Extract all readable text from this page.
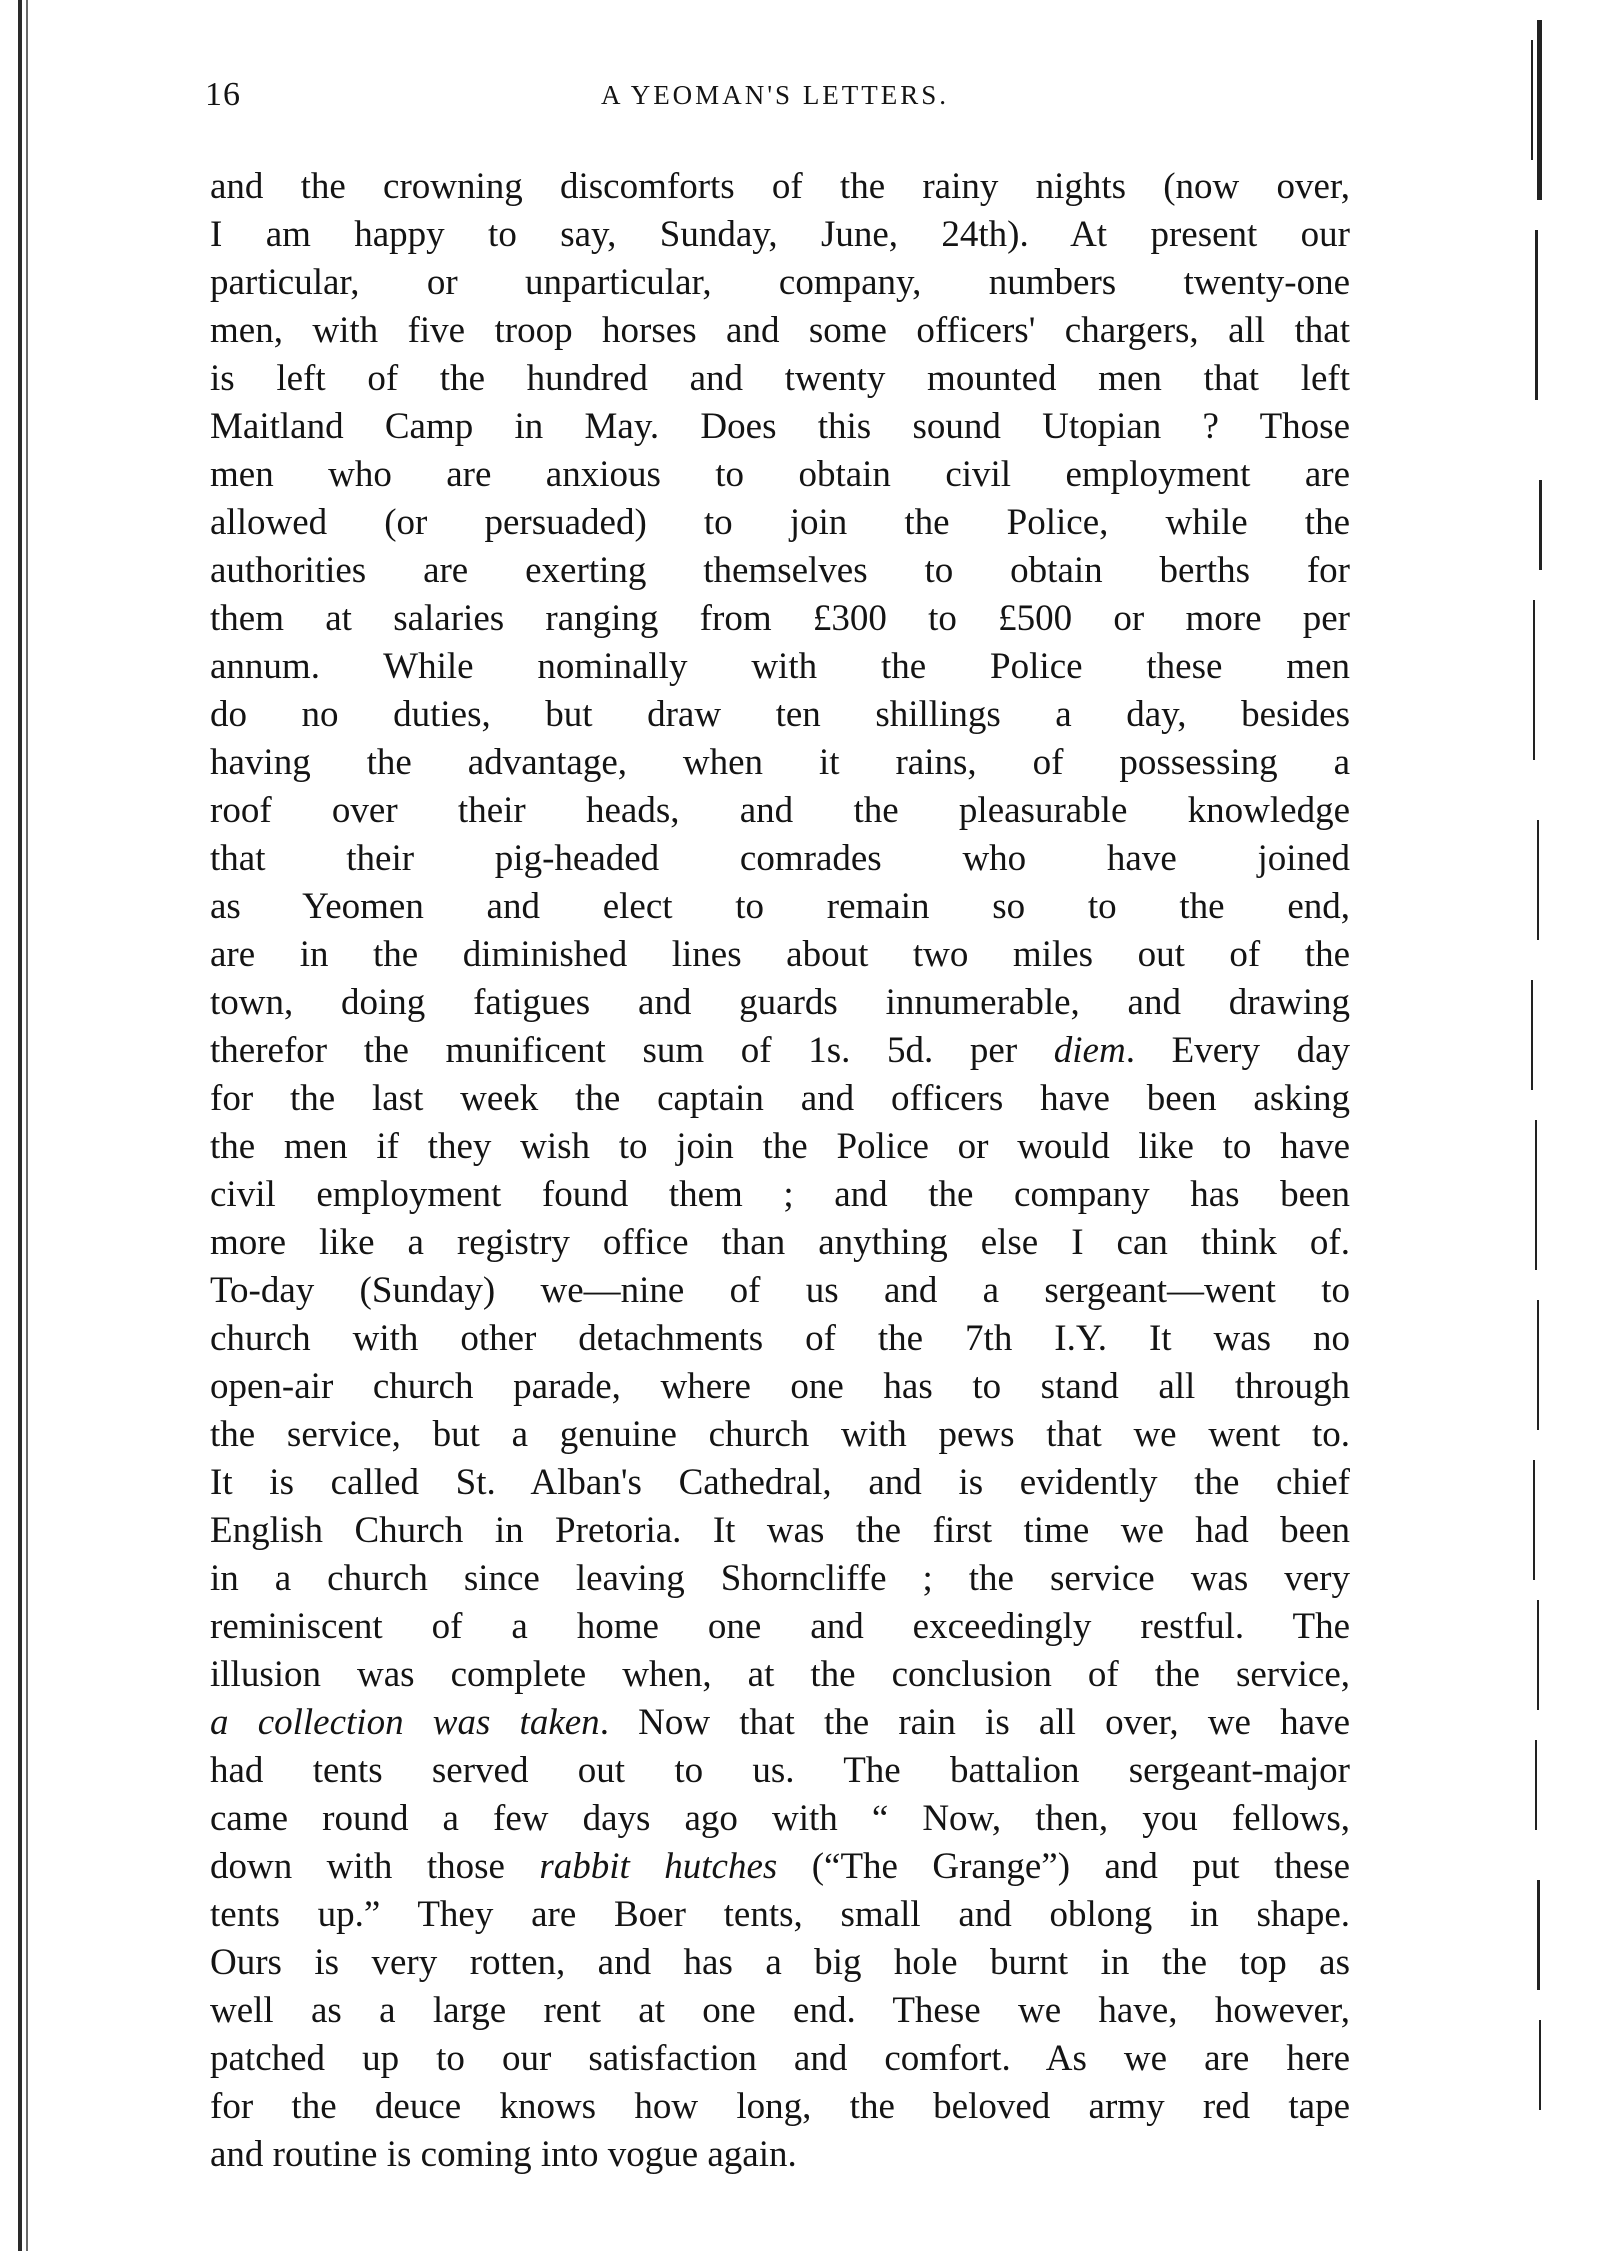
16	A YEOMAN'S LETTERS.
and the crowning discomforts of the rainy nights (now over,
I am happy to say, Sunday, June, 24th). At present our
particular, or unparticular, company, numbers twenty-one
men, with five troop horses and some officers' chargers, all that
is left of the hundred and twenty mounted men that left
Maitland Camp in May. Does this sound Utopian ? Those
men who are anxious to obtain civil employment are
allowed (or persuaded) to join the Police, while the
authorities are exerting themselves to obtain berths for
them at salaries ranging from £300 to £500 or more per
annum. While nominally with the Police these men
do no duties, but draw ten shillings a day, besides
having the advantage, when it rains, of possessing a
roof over their heads, and the pleasurable knowledge
that their pig-headed comrades who have joined
as Yeomen and elect to remain so to the end,
are in the diminished lines about two miles out of the
town, doing fatigues and guards innumerable, and drawing
therefor the munificent sum of 1s. 5d. per diem. Every day
for the last week the captain and officers have been asking
the men if they wish to join the Police or would like to have
civil employment found them ; and the company has been
more like a registry office than anything else I can think of.
To-day (Sunday) we—nine of us and a sergeant—went to
church with other detachments of the 7th I.Y. It was no
open-air church parade, where one has to stand all through
the service, but a genuine church with pews that we went to.
It is called St. Alban's Cathedral, and is evidently the chief
English Church in Pretoria. It was the first time we had been
in a church since leaving Shorncliffe ; the service was very
reminiscent of a home one and exceedingly restful. The
illusion was complete when, at the conclusion of the service,
a collection was taken. Now that the rain is all over, we have
had tents served out to us. The battalion sergeant-major
came round a few days ago with “ Now, then, you fellows,
down with those rabbit hutches (“The Grange”) and put these
tents up.” They are Boer tents, small and oblong in shape.
Ours is very rotten, and has a big hole burnt in the top as
well as a large rent at one end. These we have, however,
patched up to our satisfaction and comfort. As we are here
for the deuce knows how long, the beloved army red tape
and routine is coming into vogue again.
